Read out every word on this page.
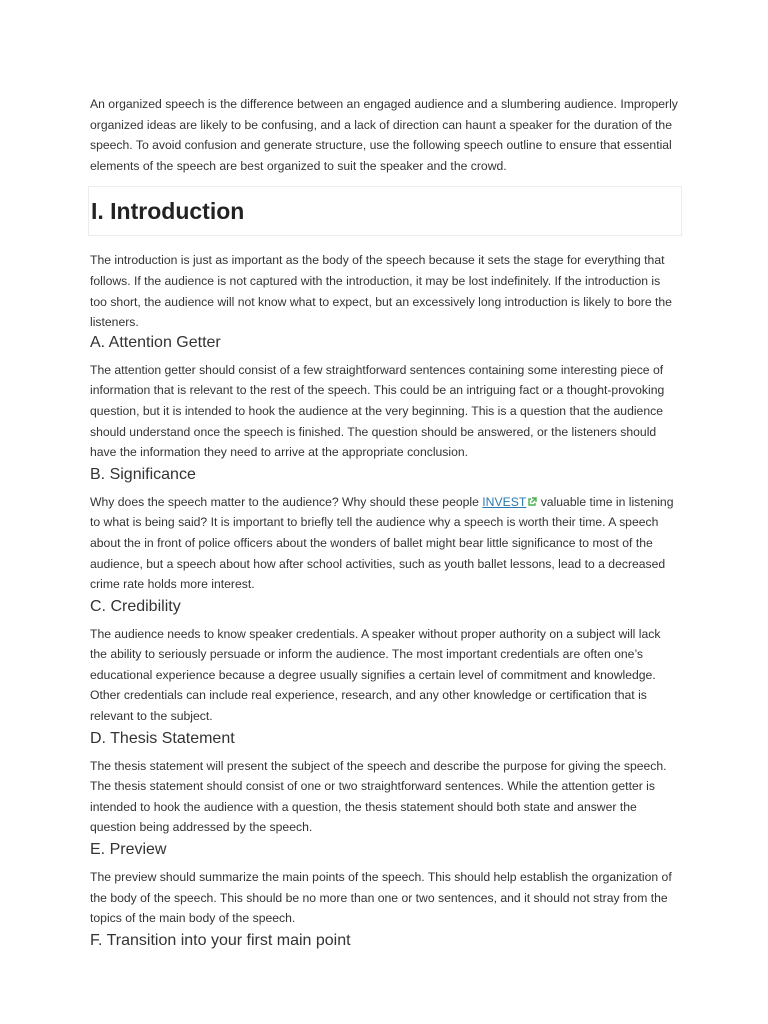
An organized speech is the difference between an engaged audience and a slumbering audience. Improperly organized ideas are likely to be confusing, and a lack of direction can haunt a speaker for the duration of the speech. To avoid confusion and generate structure, use the following speech outline to ensure that essential elements of the speech are best organized to suit the speaker and the crowd.

I. Introduction

The introduction is just as important as the body of the speech because it sets the stage for everything that follows. If the audience is not captured with the introduction, it may be lost indefinitely. If the introduction is too short, the audience will not know what to expect, but an excessively long introduction is likely to bore the listeners.

A. Attention Getter

The attention getter should consist of a few straightforward sentences containing some interesting piece of information that is relevant to the rest of the speech. This could be an intriguing fact or a thought-provoking question, but it is intended to hook the audience at the very beginning. This is a question that the audience should understand once the speech is finished. The question should be answered, or the listeners should have the information they need to arrive at the appropriate conclusion.

B. Significance

Why does the speech matter to the audience? Why should these people INVEST valuable time in listening to what is being said? It is important to briefly tell the audience why a speech is worth their time. A speech about the in front of police officers about the wonders of ballet might bear little significance to most of the audience, but a speech about how after school activities, such as youth ballet lessons, lead to a decreased crime rate holds more interest.

C. Credibility

The audience needs to know speaker credentials. A speaker without proper authority on a subject will lack the ability to seriously persuade or inform the audience. The most important credentials are often one’s educational experience because a degree usually signifies a certain level of commitment and knowledge. Other credentials can include real experience, research, and any other knowledge or certification that is relevant to the subject.

D. Thesis Statement

The thesis statement will present the subject of the speech and describe the purpose for giving the speech. The thesis statement should consist of one or two straightforward sentences. While the attention getter is intended to hook the audience with a question, the thesis statement should both state and answer the question being addressed by the speech.

E. Preview

The preview should summarize the main points of the speech. This should help establish the organization of the body of the speech. This should be no more than one or two sentences, and it should not stray from the topics of the main body of the speech.

F. Transition into your first main point
